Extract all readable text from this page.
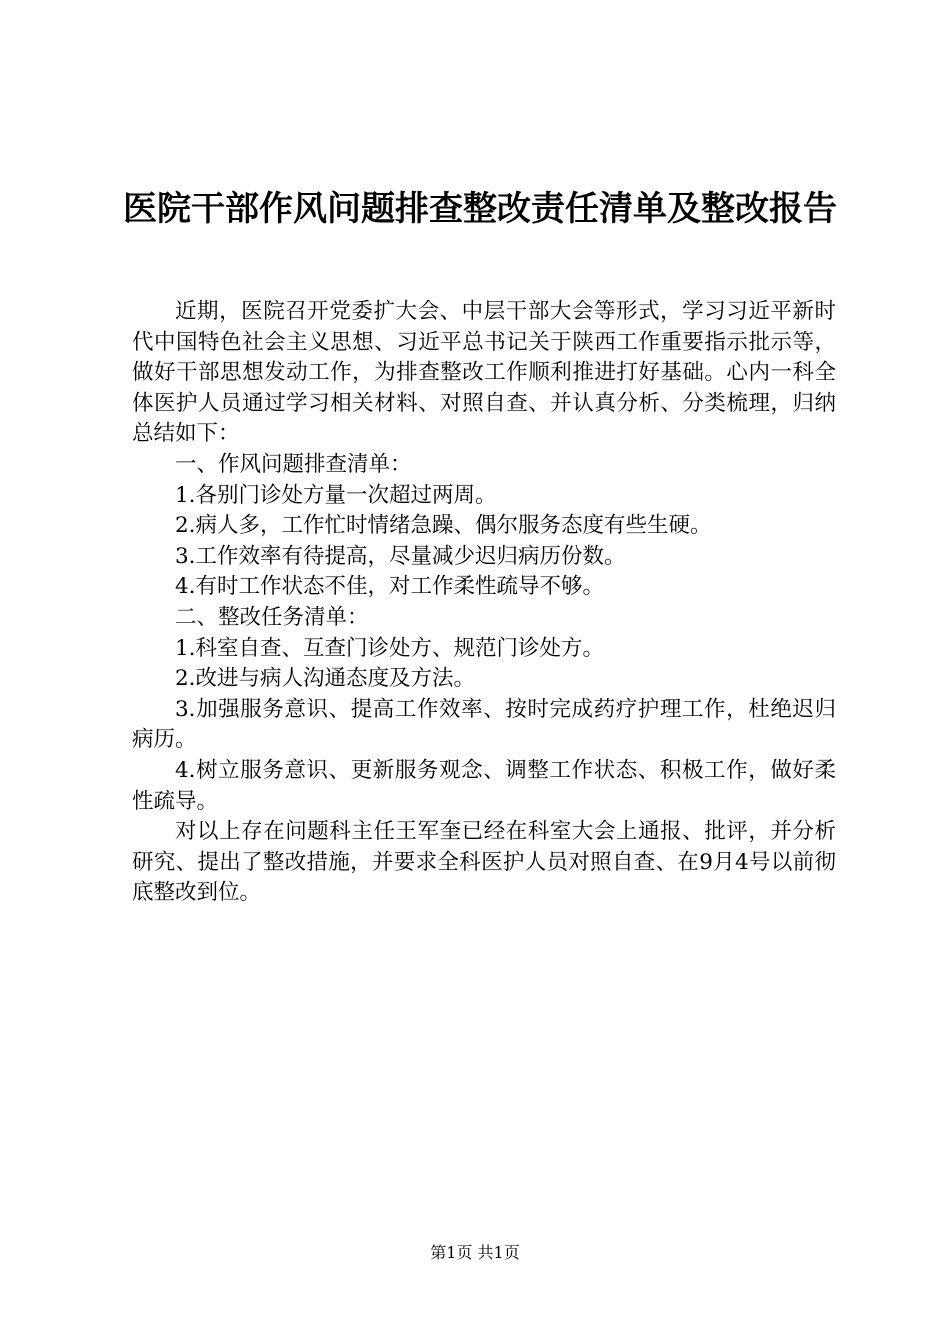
医院干部作风问题排查整改责任清单及整改报告

近期，医院召开党委扩大会、中层干部大会等形式，学习习近平新时代中国特色社会主义思想、习近平总书记关于陕西工作重要指示批示等，做好干部思想发动工作，为排查整改工作顺利推进打好基础。心内一科全体医护人员通过学习相关材料、对照自查、并认真分析、分类梳理，归纳总结如下：

一、作风问题排查清单：

1.各别门诊处方量一次超过两周。

2.病人多，工作忙时情绪急躁、偶尔服务态度有些生硬。

3.工作效率有待提高，尽量减少迟归病历份数。

4.有时工作状态不佳，对工作柔性疏导不够。

二、整改任务清单：

1.科室自查、互查门诊处方、规范门诊处方。

2.改进与病人沟通态度及方法。

3.加强服务意识、提高工作效率、按时完成药疗护理工作，杜绝迟归病历。

4.树立服务意识、更新服务观念、调整工作状态、积极工作，做好柔性疏导。

对以上存在问题科主任王军奎已经在科室大会上通报、批评，并分析研究、提出了整改措施，并要求全科医护人员对照自查、在9月4号以前彻底整改到位。

第1页 共1页
